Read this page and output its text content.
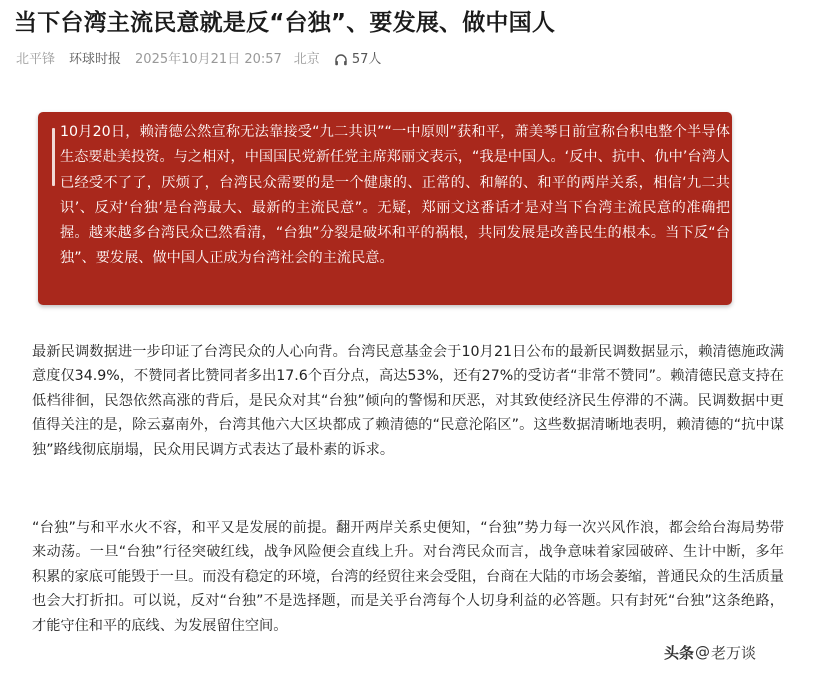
当下台湾主流民意就是反“台独”、要发展、做中国人
北平锋 环球时报 2025年10月21日 20:57 北京 57人

10月20日，赖清德公然宣称无法靠接受“九二共识”“一中原则”获和平，萧美琴日前宣称台积电整个半导体生态要赴美投资。与之相对，中国国民党新任党主席郑丽文表示，“我是中国人。‘反中、抗中、仇中’台湾人已经受不了了，厌烦了，台湾民众需要的是一个健康的、正常的、和解的、和平的两岸关系，相信‘九二共识’、反对‘台独’是台湾最大、最新的主流民意”。无疑，郑丽文这番话才是对当下台湾主流民意的准确把握。越来越多台湾民众已然看清，“台独”分裂是破坏和平的祸根，共同发展是改善民生的根本。当下反“台独”、要发展、做中国人正成为台湾社会的主流民意。

最新民调数据进一步印证了台湾民众的人心向背。台湾民意基金会于10月21日公布的最新民调数据显示，赖清德施政满意度仅34.9%，不赞同者比赞同者多出17.6个百分点，高达53%，还有27%的受访者“非常不赞同”。赖清德民意支持在低档徘徊，民怨依然高涨的背后，是民众对其“台独”倾向的警惕和厌恶，对其致使经济民生停滞的不满。民调数据中更值得关注的是，除云嘉南外，台湾其他六大区块都成了赖清德的“民意沦陷区”。这些数据清晰地表明，赖清德的“抗中谋独”路线彻底崩塌，民众用民调方式表达了最朴素的诉求。

“台独”与和平水火不容，和平又是发展的前提。翻开两岸关系史便知，“台独”势力每一次兴风作浪，都会给台海局势带来动荡。一旦“台独”行径突破红线，战争风险便会直线上升。对台湾民众而言，战争意味着家园破碎、生计中断，多年积累的家底可能毁于一旦。而没有稳定的环境，台湾的经贸往来会受阻，台商在大陆的市场会萎缩，普通民众的生活质量也会大打折扣。可以说，反对“台独”不是选择题，而是关乎台湾每个人切身利益的必答题。只有封死“台独”这条绝路，才能守住和平的底线、为发展留住空间。

头条 @ 老万谈
